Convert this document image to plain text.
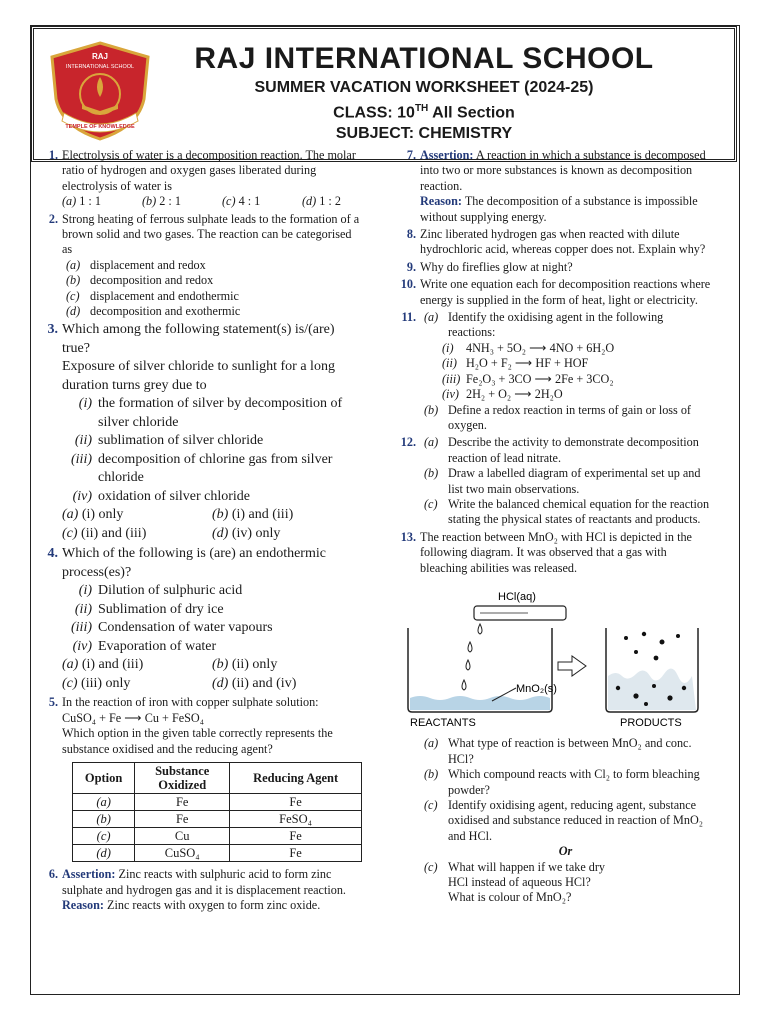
RAJ
INTERNATIONAL SCHOOL
TEMPLE OF KNOWLEDGE
RAJ INTERNATIONAL SCHOOL
SUMMER VACATION WORKSHEET (2024-25)
CLASS: 10TH All Section
SUBJECT: CHEMISTRY
1. Electrolysis of water is a decomposition reaction. The molar ratio of hydrogen and oxygen gases liberated during electrolysis of water is
(a) 1 : 1	(b) 2 : 1	(c) 4 : 1	(d) 1 : 2
2. Strong heating of ferrous sulphate leads to the formation of a brown solid and two gases. The reaction can be categorised as
(a) displacement and redox
(b) decomposition and redox
(c) displacement and endothermic
(d) decomposition and exothermic
3. Which among the following statement(s) is/(are) true?
Exposure of silver chloride to sunlight for a long duration turns grey due to
(i) the formation of silver by decomposition of silver chloride
(ii) sublimation of silver chloride
(iii) decomposition of chlorine gas from silver chloride
(iv) oxidation of silver chloride
(a) (i) only	(b) (i) and (iii)
(c) (ii) and (iii)	(d) (iv) only
4. Which of the following is (are) an endothermic process(es)?
(i) Dilution of sulphuric acid
(ii) Sublimation of dry ice
(iii) Condensation of water vapours
(iv) Evaporation of water
(a) (i) and (iii)	(b) (ii) only
(c) (iii) only	(d) (ii) and (iv)
5. In the reaction of iron with copper sulphate solution:
CuSO₄ + Fe ⟶ Cu + FeSO₄
Which option in the given table correctly represents the substance oxidised and the reducing agent?
Option	Substance Oxidized	Reducing Agent
(a)	Fe	Fe
(b)	Fe	FeSO₄
(c)	Cu	Fe
(d)	CuSO₄	Fe
6. Assertion: Zinc reacts with sulphuric acid to form zinc sulphate and hydrogen gas and it is displacement reaction.
Reason: Zinc reacts with oxygen to form zinc oxide.
7. Assertion: A reaction in which a substance is decomposed into two or more substances is known as decomposition reaction.
Reason: The decomposition of a substance is impossible without supplying energy.
8. Zinc liberated hydrogen gas when reacted with dilute hydrochloric acid, whereas copper does not. Explain why?
9. Why do fireflies glow at night?
10. Write one equation each for decomposition reactions where energy is supplied in the form of heat, light or electricity.
11. (a) Identify the oxidising agent in the following reactions:
(i) 4NH₃ + 5O₂ ⟶ 4NO + 6H₂O
(ii) H₂O + F₂ ⟶ HF + HOF
(iii) Fe₂O₃ + 3CO ⟶ 2Fe + 3CO₂
(iv) 2H₂ + O₂ ⟶ 2H₂O
(b) Define a redox reaction in terms of gain or loss of oxygen.
12. (a) Describe the activity to demonstrate decomposition reaction of lead nitrate.
(b) Draw a labelled diagram of experimental set up and list two main observations.
(c) Write the balanced chemical equation for the reaction stating the physical states of reactants and products.
13. The reaction between MnO₂ with HCl is depicted in the following diagram. It was observed that a gas with bleaching abilities was released.
HCl(aq)
MnO₂(s)
REACTANTS	PRODUCTS
(a) What type of reaction is between MnO₂ and conc. HCl?
(b) Which compound reacts with Cl₂ to form bleaching powder?
(c) Identify oxidising agent, reducing agent, substance oxidised and substance reduced in reaction of MnO₂ and HCl.
Or
(c) What will happen if we take dry
HCl instead of aqueous HCl?
What is colour of MnO₂?
